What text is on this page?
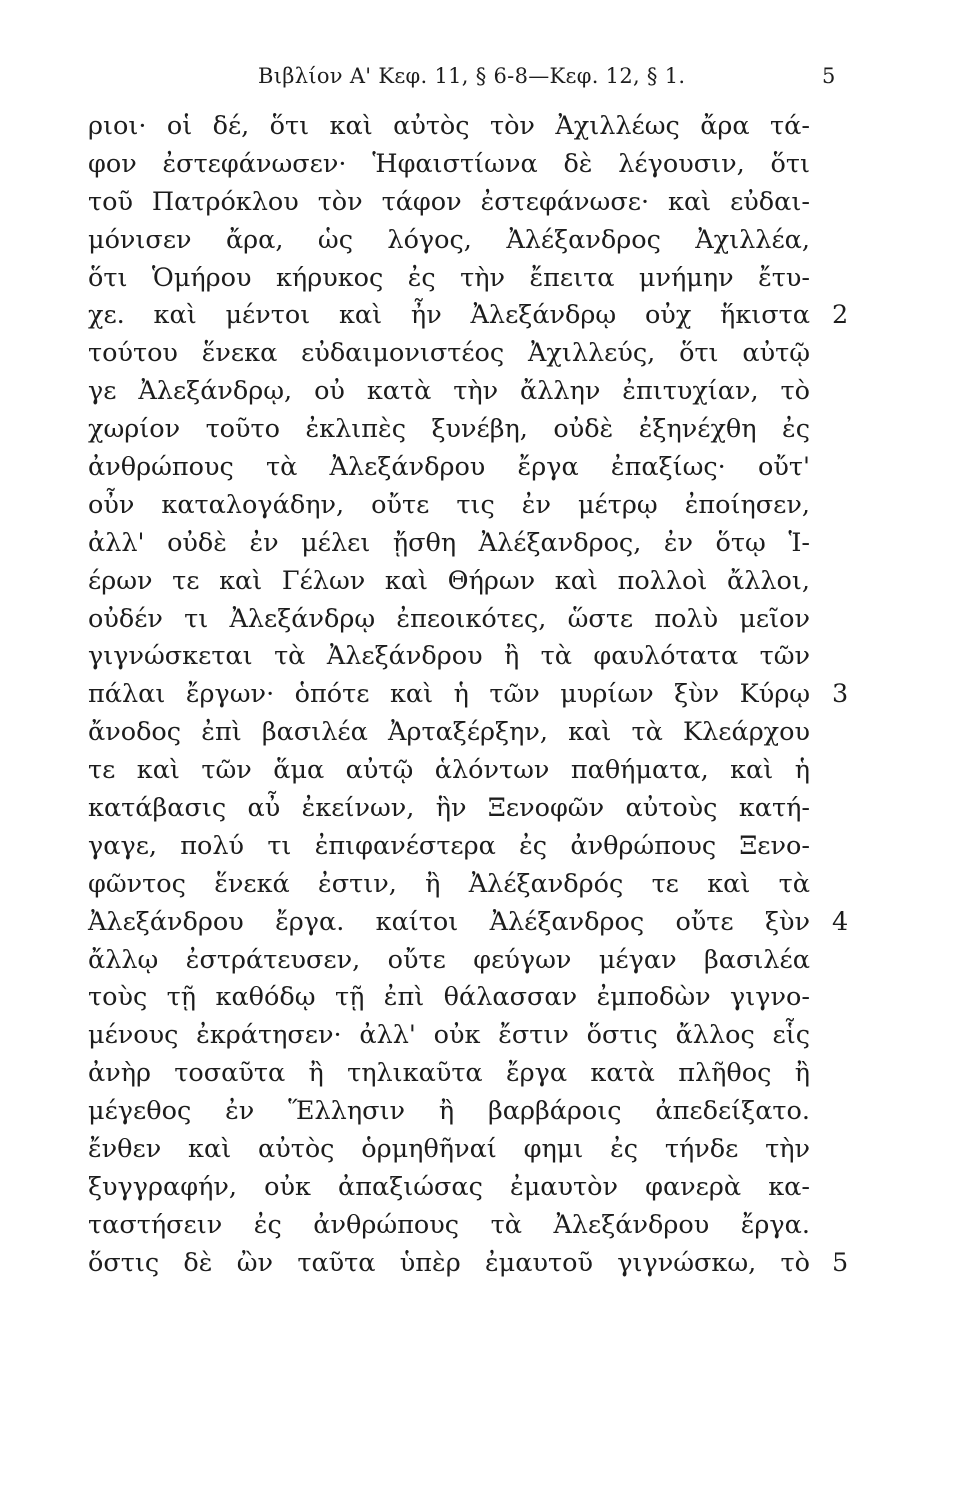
Βιβλίον Α' Κεφ. 11, § 6-8—Κεφ. 12, § 1.	5
ριοι· οἱ δέ, ὅτι καὶ αὐτὸς τὸν Ἀχιλλέως ἄρα τά-
φον ἐστεφάνωσεν· Ἡφαιστίωνα δὲ λέγουσιν, ὅτι
τοῦ Πατρόκλου τὸν τάφον ἐστεφάνωσε· καὶ εὐδαι-
μόνισεν ἄρα, ὡς λόγος, Ἀλέξανδρος Ἀχιλλέα,
ὅτι Ὁμήρου κήρυκος ἐς τὴν ἔπειτα μνήμην ἔτυ-
χε. καὶ μέντοι καὶ ἦν Ἀλεξάνδρῳ οὐχ ἥκιστα 2
τούτου ἕνεκα εὐδαιμονιστέος Ἀχιλλεύς, ὅτι αὐτῷ
γε Ἀλεξάνδρῳ, οὐ κατὰ τὴν ἄλλην ἐπιτυχίαν, τὸ
χωρίον τοῦτο ἐκλιπὲς ξυνέβη, οὐδὲ ἐξηνέχθη ἐς
ἀνθρώπους τὰ Ἀλεξάνδρου ἔργα ἐπαξίως· οὔτ'
οὖν καταλογάδην, οὔτε τις ἐν μέτρῳ ἐποίησεν,
ἀλλ' οὐδὲ ἐν μέλει ᾔσθη Ἀλέξανδρος, ἐν ὅτῳ Ἱ-
έρων τε καὶ Γέλων καὶ Θήρων καὶ πολλοὶ ἄλλοι,
οὐδέν τι Ἀλεξάνδρῳ ἐπεοικότες, ὥστε πολὺ μεῖον
γιγνώσκεται τὰ Ἀλεξάνδρου ἢ τὰ φαυλότατα τῶν
πάλαι ἔργων· ὁπότε καὶ ἡ τῶν μυρίων ξὺν Κύρῳ 3
ἄνοδος ἐπὶ βασιλέα Ἀρταξέρξην, καὶ τὰ Κλεάρχου
τε καὶ τῶν ἅμα αὐτῷ ἁλόντων παθήματα, καὶ ἡ
κατάβασις αὖ ἐκείνων, ἣν Ξενοφῶν αὐτοὺς κατή-
γαγε, πολύ τι ἐπιφανέστερα ἐς ἀνθρώπους Ξενο-
φῶντος ἕνεκά ἐστιν, ἢ Ἀλέξανδρός τε καὶ τὰ
Ἀλεξάνδρου ἔργα. καίτοι Ἀλέξανδρος οὔτε ξὺν 4
ἄλλῳ ἐστράτευσεν, οὔτε φεύγων μέγαν βασιλέα
τοὺς τῇ καθόδῳ τῇ ἐπὶ θάλασσαν ἐμποδὼν γιγνο-
μένους ἐκράτησεν· ἀλλ' οὐκ ἔστιν ὅστις ἄλλος εἷς
ἀνὴρ τοσαῦτα ἢ τηλικαῦτα ἔργα κατὰ πλῆθος ἢ
μέγεθος ἐν Ἕλλησιν ἢ βαρβάροις ἀπεδείξατο.
ἔνθεν καὶ αὐτὸς ὁρμηθῆναί φημι ἐς τήνδε τὴν
ξυγγραφήν, οὐκ ἀπαξιώσας ἐμαυτὸν φανερὰ κα-
ταστήσειν ἐς ἀνθρώπους τὰ Ἀλεξάνδρου ἔργα.
ὅστις δὲ ὢν ταῦτα ὑπὲρ ἐμαυτοῦ γιγνώσκω, τὸ 5
